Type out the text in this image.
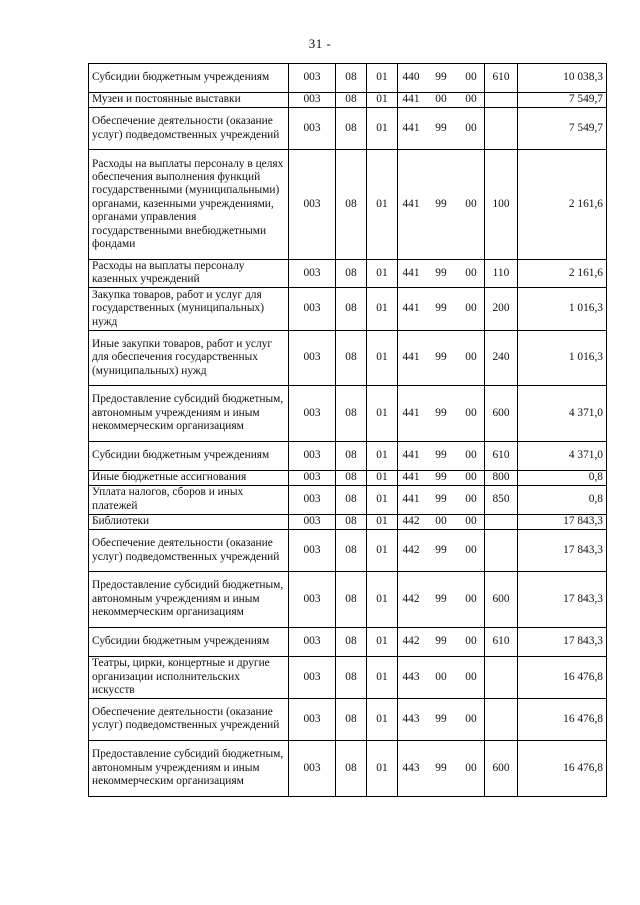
31 -
Субсидии бюджетным учреждениям	003	08	01	440 99 00	610	10 038,3
Музеи и постоянные выставки	003	08	01	441 00 00		7 549,7
Обеспечение деятельности (оказание услуг) подведомственных учреждений	003	08	01	441 99 00		7 549,7
Расходы на выплаты персоналу в целях обеспечения выполнения функций государственными (муниципальными) органами, казенными учреждениями, органами управления государственными внебюджетными фондами	003	08	01	441 99 00	100	2 161,6
Расходы на выплаты персоналу казенных учреждений	003	08	01	441 99 00	110	2 161,6
Закупка товаров, работ и услуг для государственных (муниципальных) нужд	003	08	01	441 99 00	200	1 016,3
Иные закупки товаров, работ и услуг для обеспечения государственных (муниципальных) нужд	003	08	01	441 99 00	240	1 016,3
Предоставление субсидий бюджетным, автономным учреждениям и иным некоммерческим организациям	003	08	01	441 99 00	600	4 371,0
Субсидии бюджетным учреждениям	003	08	01	441 99 00	610	4 371,0
Иные бюджетные ассигнования	003	08	01	441 99 00	800	0,8
Уплата налогов, сборов и иных платежей	003	08	01	441 99 00	850	0,8
Библиотеки	003	08	01	442 00 00		17 843,3
Обеспечение деятельности (оказание услуг) подведомственных учреждений	003	08	01	442 99 00		17 843,3
Предоставление субсидий бюджетным, автономным учреждениям и иным некоммерческим организациям	003	08	01	442 99 00	600	17 843,3
Субсидии бюджетным учреждениям	003	08	01	442 99 00	610	17 843,3
Театры, цирки, концертные и другие организации исполнительских искусств	003	08	01	443 00 00		16 476,8
Обеспечение деятельности (оказание услуг) подведомственных учреждений	003	08	01	443 99 00		16 476,8
Предоставление субсидий бюджетным, автономным учреждениям и иным некоммерческим организациям	003	08	01	443 99 00	600	16 476,8
